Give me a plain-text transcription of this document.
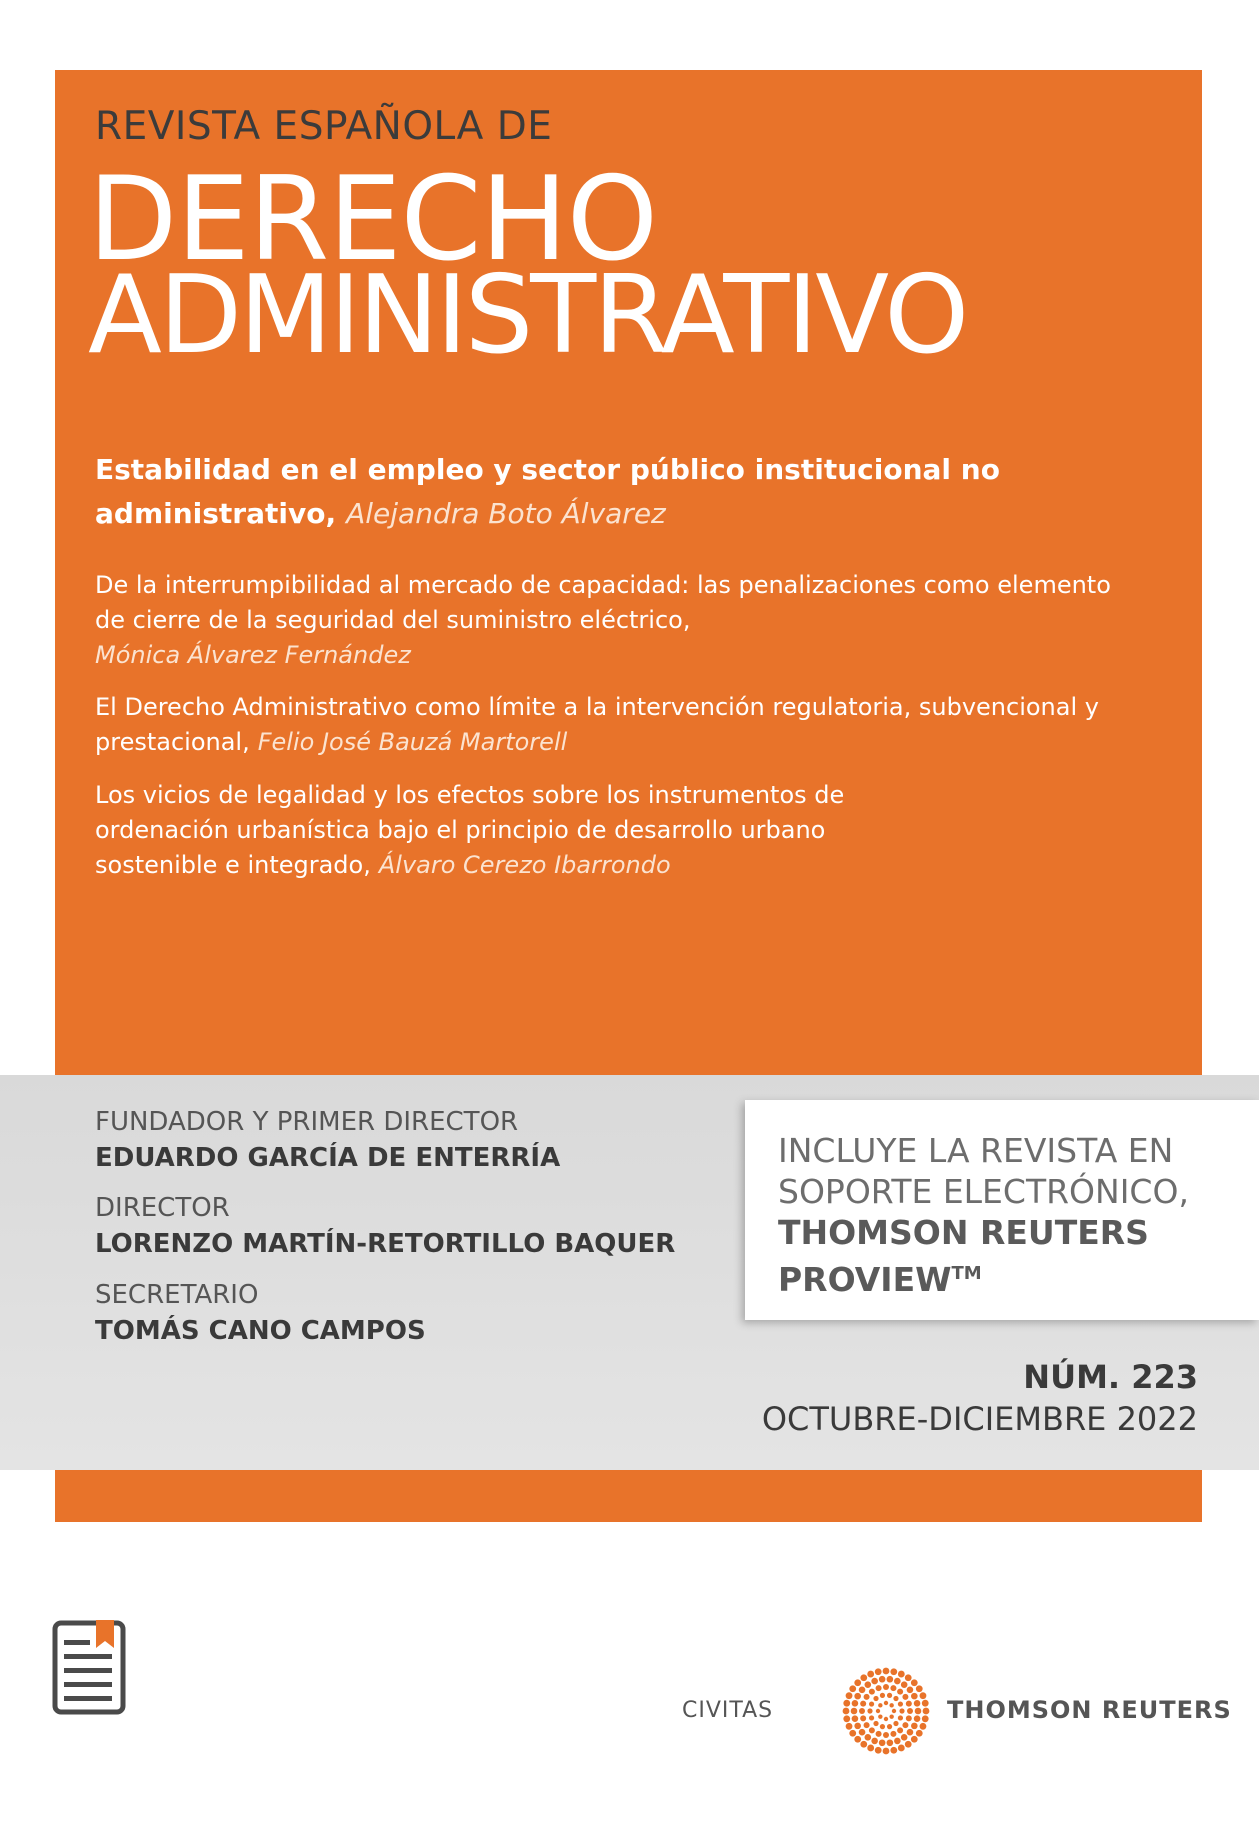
REVISTA ESPAÑOLA DE
DERECHO
ADMINISTRATIVO
Estabilidad en el empleo y sector público institucional no administrativo, Alejandra Boto Álvarez
De la interrumpibilidad al mercado de capacidad: las penalizaciones como elemento de cierre de la seguridad del suministro eléctrico,
Mónica Álvarez Fernández
El Derecho Administrativo como límite a la intervención regulatoria, subvencional y prestacional, Felio José Bauzá Martorell
Los vicios de legalidad y los efectos sobre los instrumentos de ordenación urbanística bajo el principio de desarrollo urbano sostenible e integrado, Álvaro Cerezo Ibarrondo
FUNDADOR Y PRIMER DIRECTOR
EDUARDO GARCÍA DE ENTERRÍA
DIRECTOR
LORENZO MARTÍN-RETORTILLO BAQUER
SECRETARIO
TOMÁS CANO CAMPOS
INCLUYE LA REVISTA EN
SOPORTE ELECTRÓNICO,
THOMSON REUTERS
PROVIEW™
NÚM. 223
OCTUBRE-DICIEMBRE 2022
CIVITAS	THOMSON REUTERS
